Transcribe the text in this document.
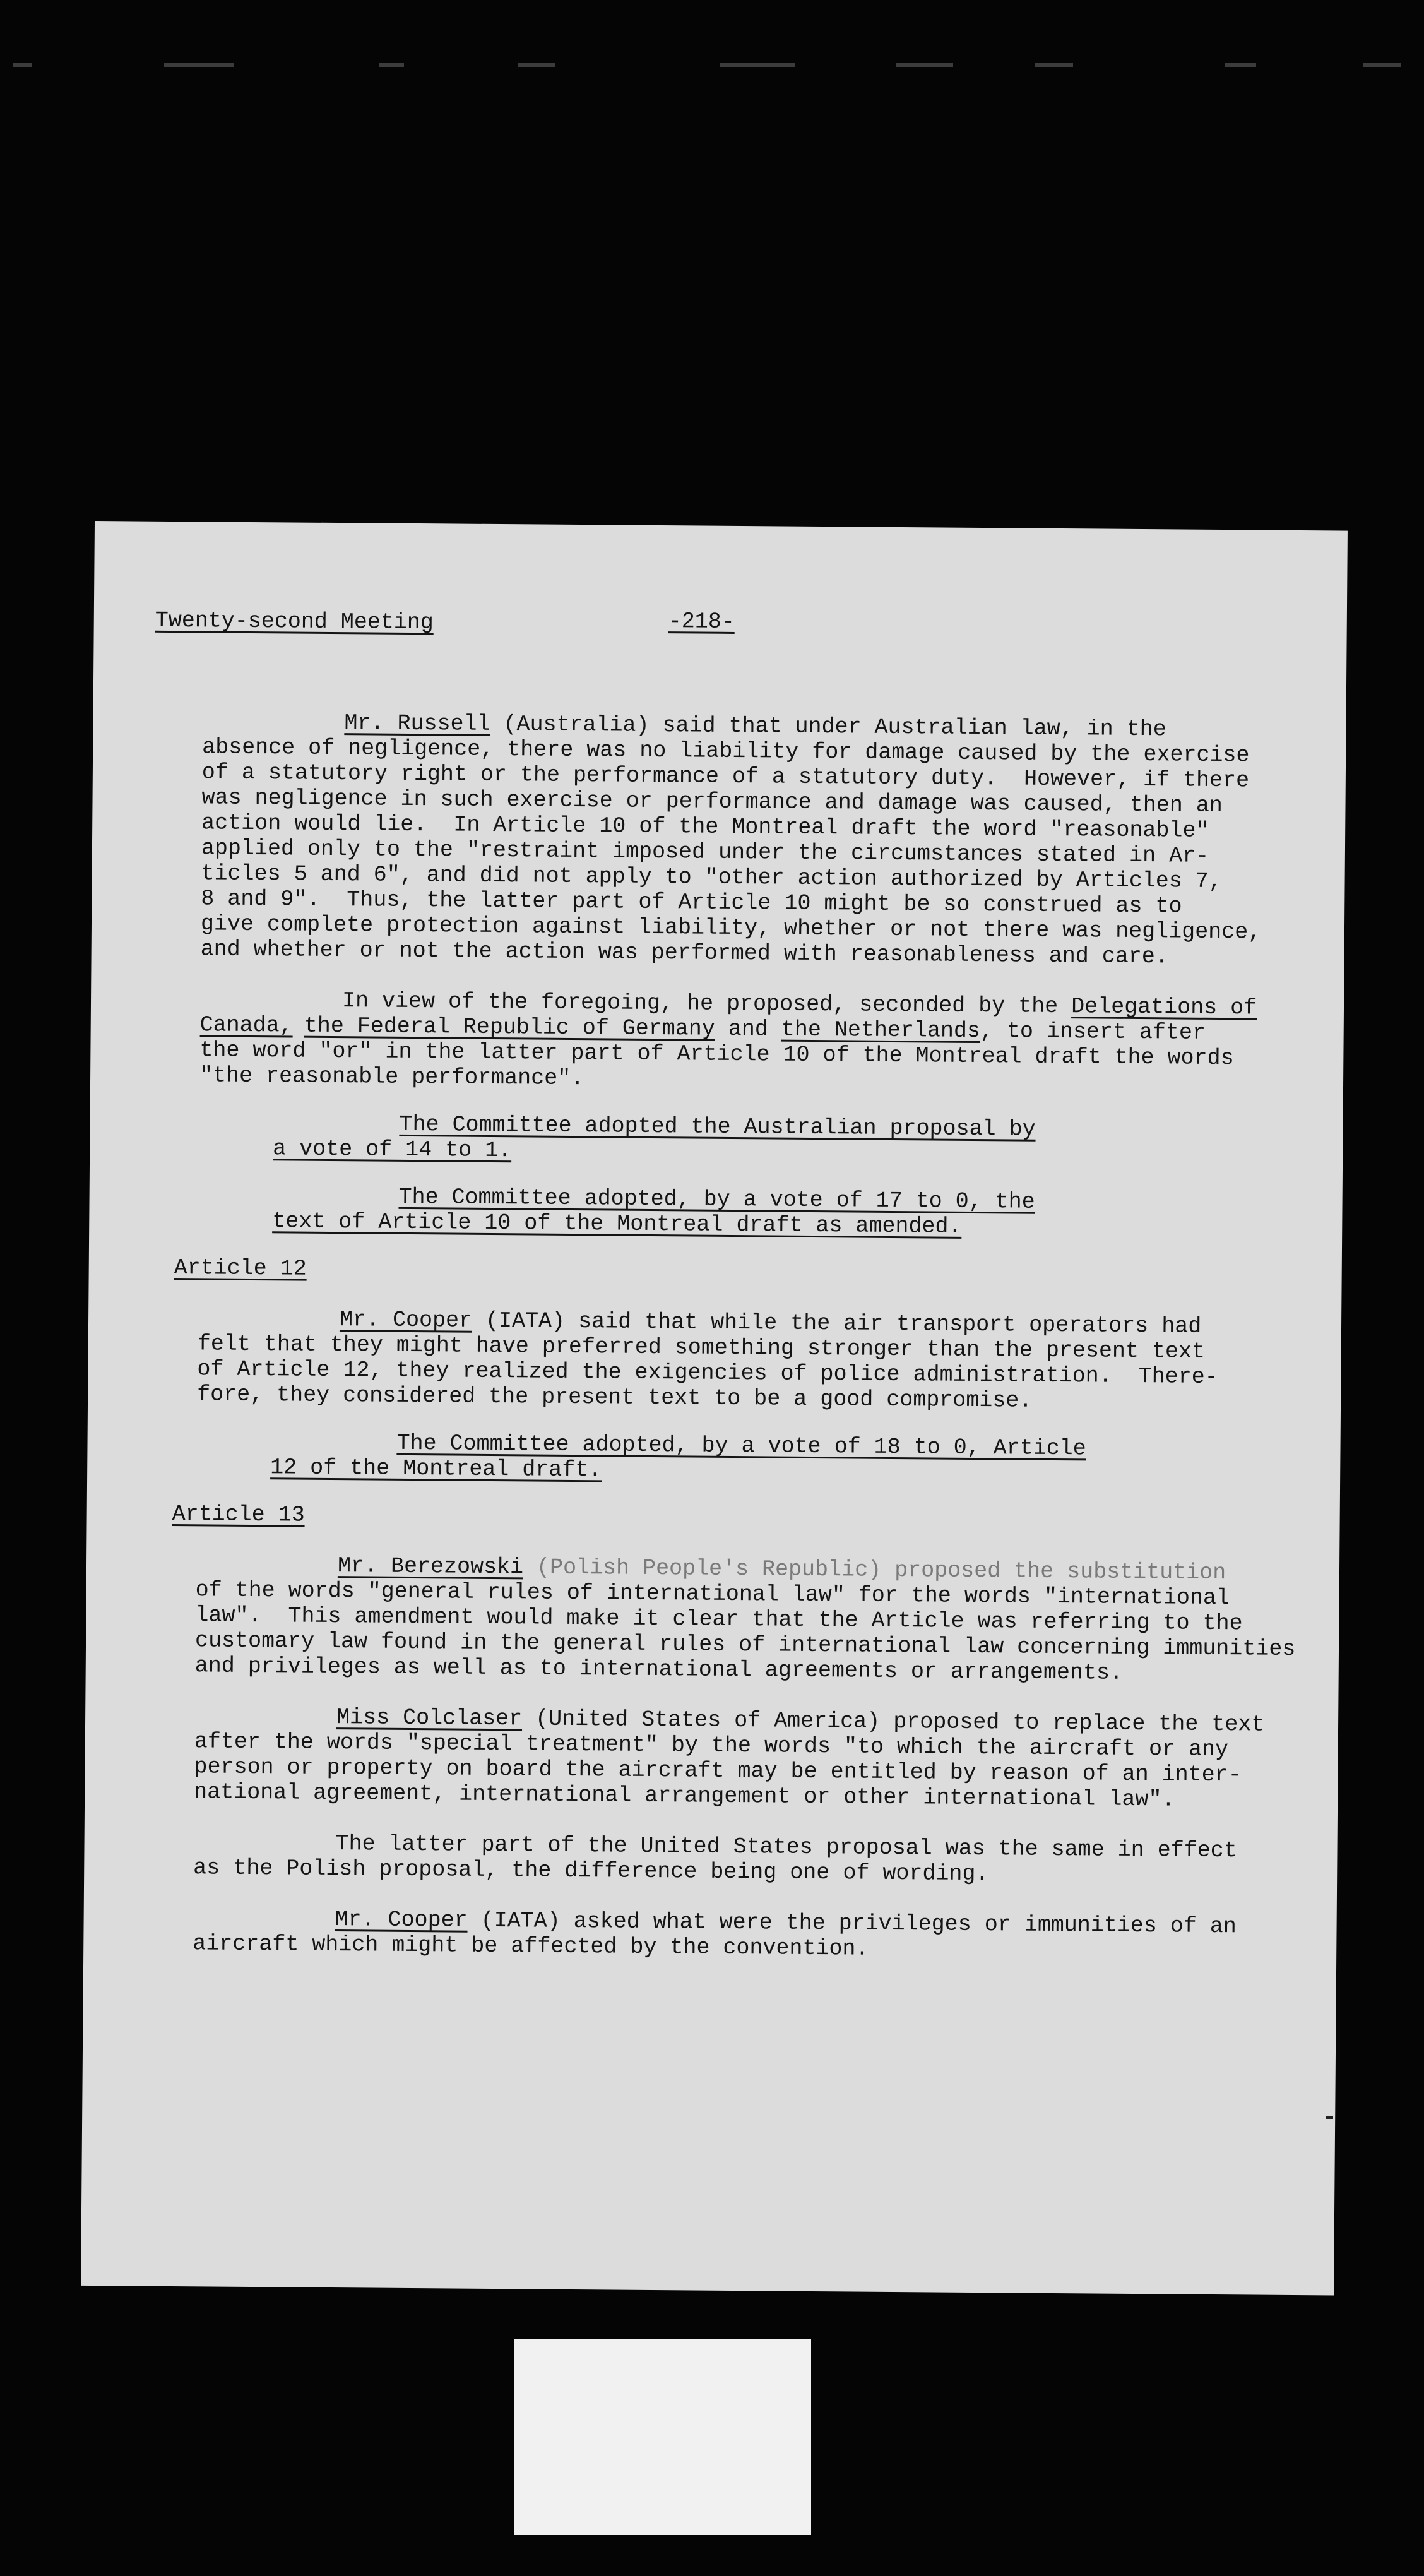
Twenty-second Meeting	-218-
Mr. Russell (Australia) said that under Australian law, in the
absence of negligence, there was no liability for damage caused by the exercise
of a statutory right or the performance of a statutory duty.  However, if there
was negligence in such exercise or performance and damage was caused, then an
action would lie.  In Article 10 of the Montreal draft the word "reasonable"
applied only to the "restraint imposed under the circumstances stated in Ar-
ticles 5 and 6", and did not apply to "other action authorized by Articles 7,
8 and 9".  Thus, the latter part of Article 10 might be so construed as to
give complete protection against liability, whether or not there was negligence,
and whether or not the action was performed with reasonableness and care.
In view of the foregoing, he proposed, seconded by the Delegations of
Canada, the Federal Republic of Germany and the Netherlands, to insert after
the word "or" in the latter part of Article 10 of the Montreal draft the words
"the reasonable performance".
The Committee adopted the Australian proposal by
a vote of 14 to 1.
The Committee adopted, by a vote of 17 to 0, the
text of Article 10 of the Montreal draft as amended.
Article 12
Mr. Cooper (IATA) said that while the air transport operators had
felt that they might have preferred something stronger than the present text
of Article 12, they realized the exigencies of police administration.  There-
fore, they considered the present text to be a good compromise.
The Committee adopted, by a vote of 18 to 0, Article
12 of the Montreal draft.
Article 13
Mr. Berezowski (Polish People's Republic) proposed the substitution
of the words "general rules of international law" for the words "international
law".  This amendment would make it clear that the Article was referring to the
customary law found in the general rules of international law concerning immunities
and privileges as well as to international agreements or arrangements.
Miss Colclaser (United States of America) proposed to replace the text
after the words "special treatment" by the words "to which the aircraft or any
person or property on board the aircraft may be entitled by reason of an inter-
national agreement, international arrangement or other international law".
The latter part of the United States proposal was the same in effect
as the Polish proposal, the difference being one of wording.
Mr. Cooper (IATA) asked what were the privileges or immunities of an
aircraft which might be affected by the convention.
